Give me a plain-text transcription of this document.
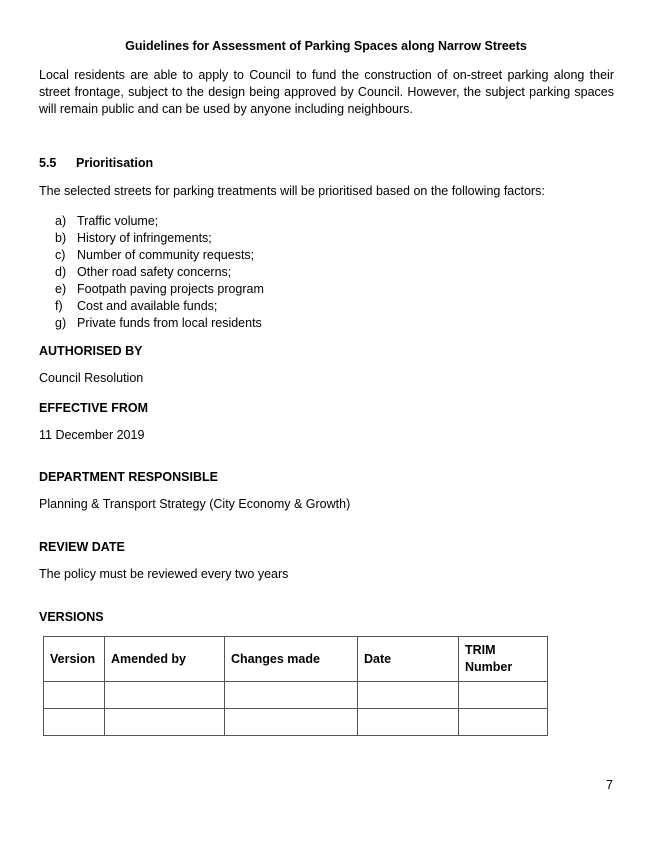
Guidelines for Assessment of Parking Spaces along Narrow Streets
Local residents are able to apply to Council to fund the construction of on-street parking along their street frontage, subject to the design being approved by Council. However, the subject parking spaces will remain public and can be used by anyone including neighbours.
5.5 Prioritisation
The selected streets for parking treatments will be prioritised based on the following factors:
a) Traffic volume;
b) History of infringements;
c) Number of community requests;
d) Other road safety concerns;
e) Footpath paving projects program
f)	Cost and available funds;
g) Private funds from local residents
AUTHORISED BY
Council Resolution
EFFECTIVE FROM
11 December 2019
DEPARTMENT RESPONSIBLE
Planning & Transport Strategy (City Economy & Growth)
REVIEW DATE
The policy must be reviewed every two years
VERSIONS
Version	Amended by	Changes made	Date	TRIM Number

7
